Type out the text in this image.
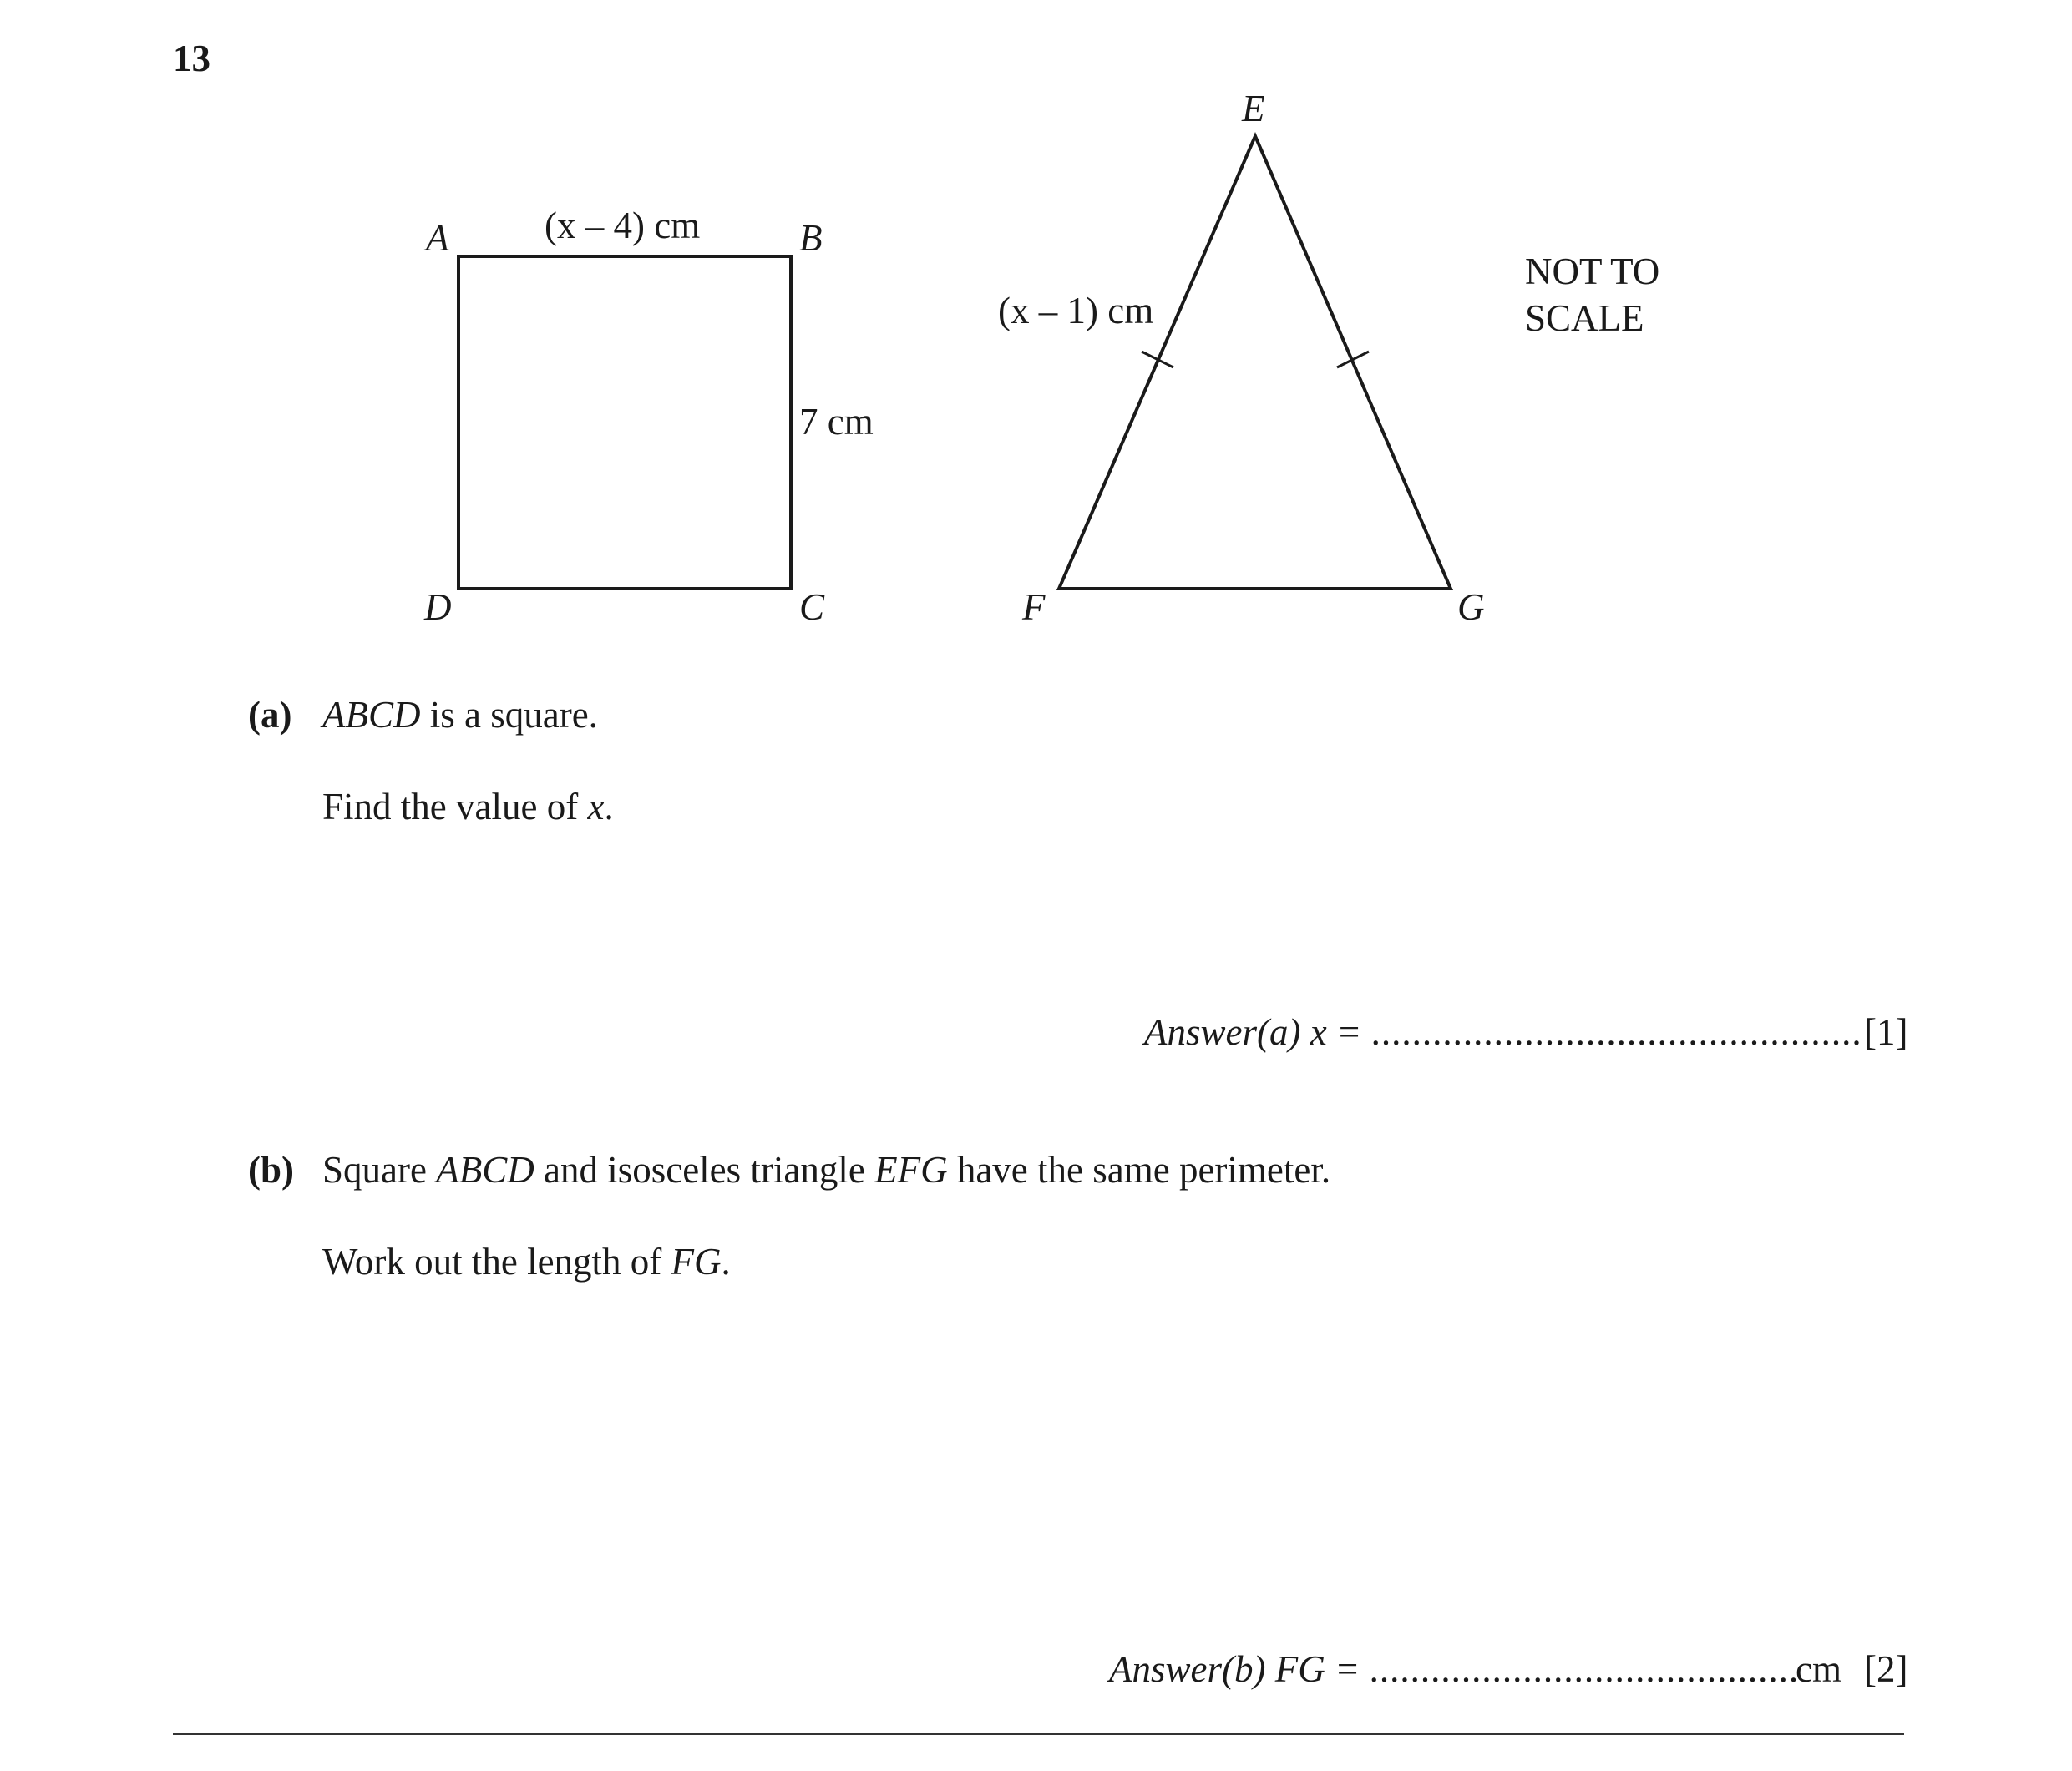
13
A	B
C
D
(x – 4) cm
7 cm
E
F	G
(x – 1) cm
NOT TO
SCALE
(a) ABCD is a square.
Find the value of x.
Answer(a) x = ................................................ [1]
(b) Square ABCD and isosceles triangle EFG have the same perimeter.
Work out the length of FG.
Answer(b) FG = ..........................................
cm [2]
